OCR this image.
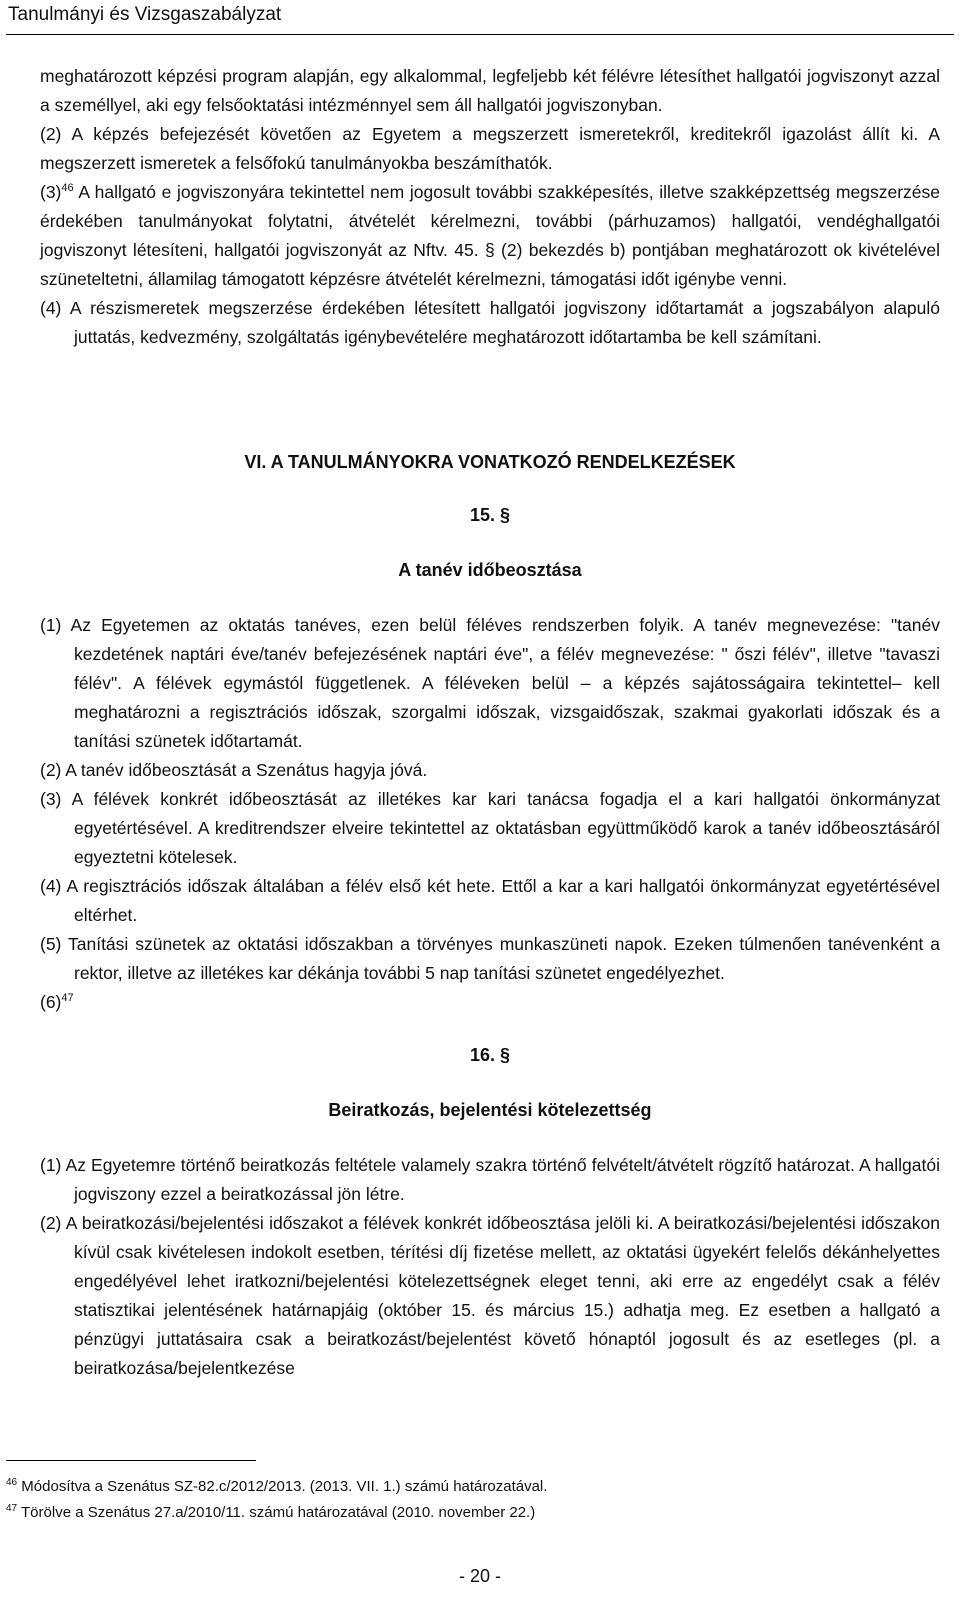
Tanulmányi és Vizsgaszabályzat

meghatározott képzési program alapján, egy alkalommal, legfeljebb két félévre létesíthet hallgatói jogviszonyt azzal a személlyel, aki egy felsőoktatási intézménnyel sem áll hallgatói jogviszonyban.

(2) A képzés befejezését követően az Egyetem a megszerzett ismeretekről, kreditekről igazolást állít ki. A megszerzett ismeretek a felsőfokú tanulmányokba beszámíthatók.

$(3)^{46}$ A hallgató e jogviszonyára tekintettel nem jogosult további szakképesítés, illetve szakképzettség megszerzése érdekében tanulmányokat folytatni, átvételét kérelmezni, további (párhuzamos) hallgatói, vendéghallgatói jogviszonyt létesíteni, hallgatói jogviszonyát az Nftv. 45. § (2) bekezdés b) pontjában meghatározott ok kivételével szüneteltetni, államilag támogatott képzésre átvételét kérelmezni, támogatási időt igénybe venni.

(4) A részismeretek megszerzése érdekében létesített hallgatói jogviszony időtartamát a jogszabályon alapuló juttatás, kedvezmény, szolgáltatás igénybevételére meghatározott időtartamba be kell számítani.

VI. A TANULMÁNYOKRA VONATKOZÓ RENDELKEZÉSEK
15. §
A tanév időbeosztása

(1) Az Egyetemen az oktatás tanéves, ezen belül féléves rendszerben folyik. A tanév megnevezése: "tanév kezdetének naptári éve/tanév befejezésének naptári éve", a félév megnevezése: " őszi félév", illetve "tavaszi félév". A félévek egymástól függetlenek. A féléveken belül – a képzés sajátosságaira tekintettel– kell meghatározni a regisztrációs időszak, szorgalmi időszak, vizsgaidőszak, szakmai gyakorlati időszak és a tanítási szünetek időtartamát.

(2) A tanév időbeosztását a Szenátus hagyja jóvá.

(3) A félévek konkrét időbeosztását az illetékes kar kari tanácsa fogadja el a kari hallgatói önkormányzat egyetértésével. A kreditrendszer elveire tekintettel az oktatásban együttműködő karok a tanév időbeosztásáról egyeztetni kötelesek.

(4) A regisztrációs időszak általában a félév első két hete. Ettől a kar a kari hallgatói önkormányzat egyetértésével eltérhet.

(5) Tanítási szünetek az oktatási időszakban a törvényes munkaszüneti napok. Ezeken túlmenően tanévenként a rektor, illetve az illetékes kar dékánja további 5 nap tanítási szünetet engedélyezhet.

$(6)^{47}$

16. §
Beiratkozás, bejelentési kötelezettség

(1) Az Egyetemre történő beiratkozás feltétele valamely szakra történő felvételt/átvételt rögzítő határozat. A hallgatói jogviszony ezzel a beiratkozással jön létre.

(2) A beiratkozási/bejelentési időszakot a félévek konkrét időbeosztása jelöli ki. A beiratkozási/bejelentési időszakon kívül csak kivételesen indokolt esetben, térítési díj fizetése mellett, az oktatási ügyekért felelős dékánhelyettes engedélyével lehet iratkozni/bejelentési kötelezettségnek eleget tenni, aki erre az engedélyt csak a félév statisztikai jelentésének határnapjáig (október 15. és március 15.) adhatja meg. Ez esetben a hallgató a pénzügyi juttatásaira csak a beiratkozást/bejelentést követő hónaptól jogosult és az esetleges (pl. a beiratkozása/bejelentkezése

$^{46}$ Módosítva a Szenátus SZ-82.c/2012/2013. (2013. VII. 1.) számú határozatával.

$^{47}$ Törölve a Szenátus 27.a/2010/11. számú határozatával (2010. november 22.)

- 20 -
